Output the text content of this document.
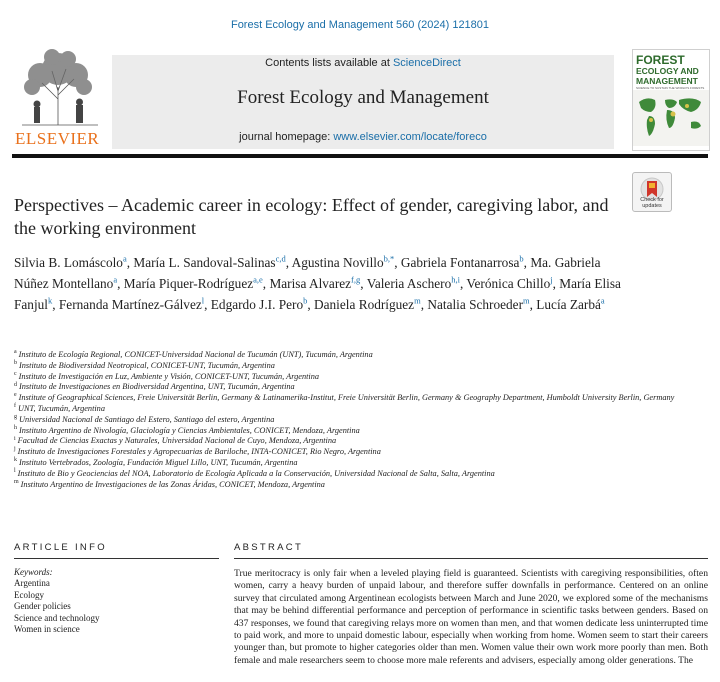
Forest Ecology and Management 560 (2024) 121801
ELSEVIER
Contents lists available at ScienceDirect
Forest Ecology and Management
journal homepage: www.elsevier.com/locate/foreco
FOREST
ECOLOGY AND
MANAGEMENT
SCIENCE TO SUSTAIN THE WORLD'S FORESTS
Check for updates
Perspectives – Academic career in ecology: Effect of gender, caregiving labor, and the working environment
Silvia B. Lomáscolo$^a$, María L. Sandoval-Salinas$^{c,d}$, Agustina Novillo$^{b,*}$, Gabriela Fontanarrosa$^b$, Ma. Gabriela Núñez Montellano$^a$, María Piquer-Rodríguez$^{a,e}$, Marisa Alvarez$^{f,g}$, Valeria Aschero$^{h,i}$, Verónica Chillo$^j$, María Elisa Fanjul$^k$, Fernanda Martínez-Gálvez$^l$, Edgardo J.I. Pero$^b$, Daniela Rodríguez$^m$, Natalia Schroeder$^m$, Lucía Zarbá$^a$
$^a$ Instituto de Ecología Regional, CONICET-Universidad Nacional de Tucumán (UNT), Tucumán, Argentina
$^b$ Instituto de Biodiversidad Neotropical, CONICET-UNT, Tucumán, Argentina
$^c$ Instituto de Investigación en Luz, Ambiente y Visión, CONICET-UNT, Tucumán, Argentina
$^d$ Instituto de Investigaciones en Biodiversidad Argentina, UNT, Tucumán, Argentina
$^e$ Institute of Geographical Sciences, Freie Universität Berlin, Germany & Latinamerika-Institut, Freie Universität Berlin, Germany & Geography Department, Humboldt University Berlin, Germany
$^f$ UNT, Tucumán, Argentina
$^g$ Universidad Nacional de Santiago del Estero, Santiago del estero, Argentina
$^h$ Instituto Argentino de Nivología, Glaciología y Ciencias Ambientales, CONICET, Mendoza, Argentina
$^i$ Facultad de Ciencias Exactas y Naturales, Universidad Nacional de Cuyo, Mendoza, Argentina
$^j$ Instituto de Investigaciones Forestales y Agropecuarias de Bariloche, INTA-CONICET, Rio Negro, Argentina
$^k$ Instituto Vertebrados, Zoología, Fundación Miguel Lillo, UNT, Tucumán, Argentina
$^l$ Instituto de Bio y Geociencias del NOA, Laboratorio de Ecología Aplicada a la Conservación, Universidad Nacional de Salta, Salta, Argentina
$^m$ Instituto Argentino de Investigaciones de las Zonas Áridas, CONICET, Mendoza, Argentina
ARTICLE INFO
Keywords:
Argentina
Ecology
Gender policies
Science and technology
Women in science
ABSTRACT

True meritocracy is only fair when a leveled playing field is guaranteed. Scientists with caregiving responsibilities, often women, carry a heavy burden of unpaid labour, and therefore suffer downfalls in performance. Centered on an online survey that circulated among Argentinean ecologists between March and June 2020, we explored some of the mechanisms that may be behind differential performance and perception of performance in scientific tasks between genders. Based on 437 responses, we found that caregiving relays more on women than men, and that women dedicate less uninterrupted time to paid work, and more to unpaid domestic labour, especially when working from home. Women seem to start their careers younger than, but promote to higher categories older than men. Women value their own work more poorly than men. Both female and male researchers seem to choose more male referents and advisers, especially among older generations. The
